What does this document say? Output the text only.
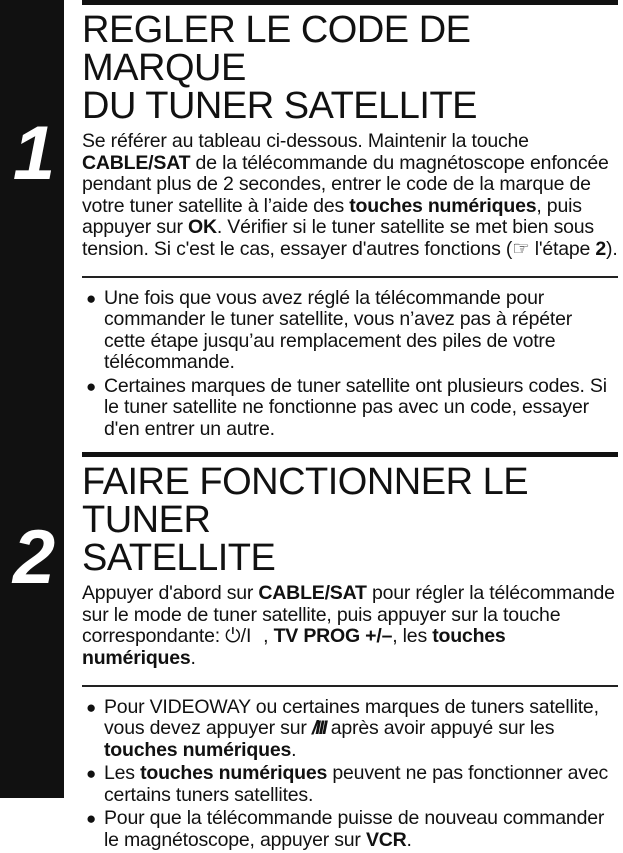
1
2
REGLER LE CODE DE MARQUE
DU TUNER SATELLITE
Se référer au tableau ci-dessous. Maintenir la touche
CABLE/SAT de la télécommande du magnétoscope enfoncée pendant plus de 2 secondes, entrer le code de la marque de votre tuner satellite à l’aide des touches numériques, puis appuyer sur OK. Vérifier si le tuner satellite se met bien sous tension. Si c'est le cas, essayer d'autres fonctions (☞ l'étape 2).
● Une fois que vous avez réglé la télécommande pour commander le tuner satellite, vous n’avez pas à répéter cette étape jusqu’au remplacement des piles de votre télécommande.
● Certaines marques de tuner satellite ont plusieurs codes. Si le tuner satellite ne fonctionne pas avec un code, essayer d'en entrer un autre.
FAIRE FONCTIONNER LE TUNER
SATELLITE
Appuyer d'abord sur CABLE/SAT pour régler la télécommande sur le mode de tuner satellite, puis appuyer sur la touche correspondante: ⏻/I , TV PROG +/–, les touches numériques.
● Pour VIDEOWAY ou certaines marques de tuners satellite, vous devez appuyer sur /III après avoir appuyé sur les touches numériques.
● Les touches numériques peuvent ne pas fonctionner avec certains tuners satellites.
● Pour que la télécommande puisse de nouveau commander le magnétoscope, appuyer sur VCR.
